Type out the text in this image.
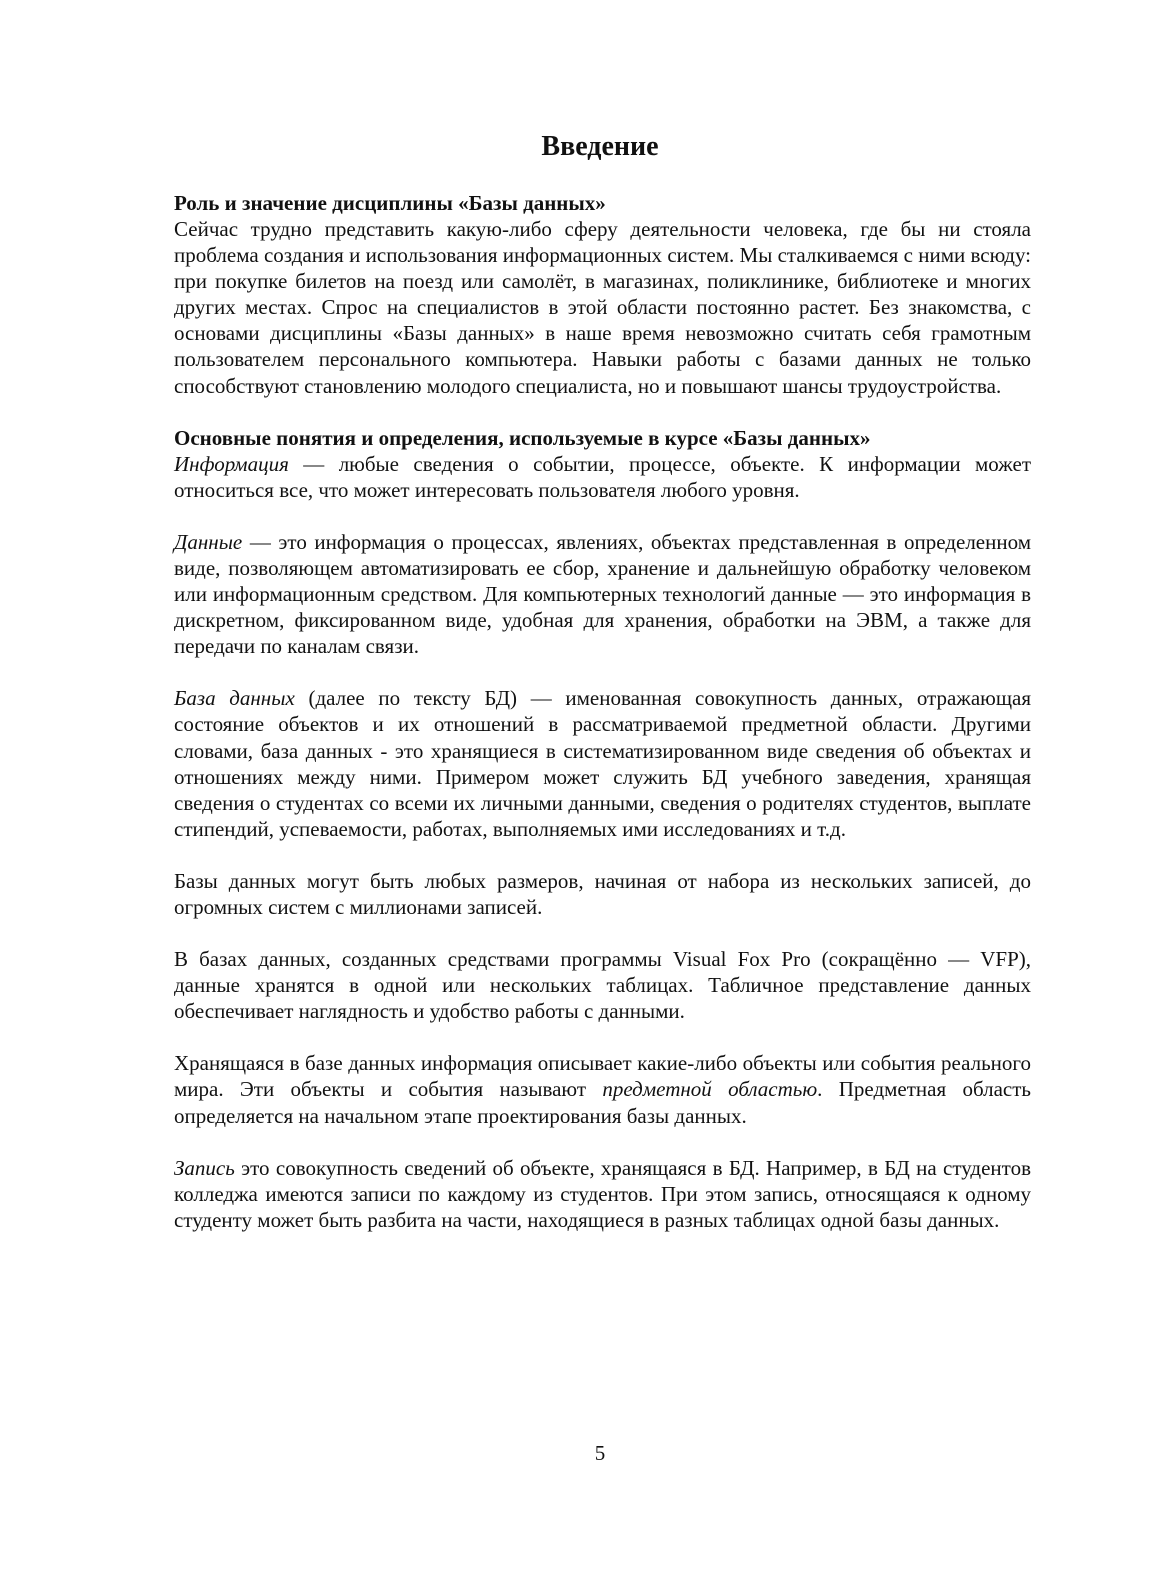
Введение
Роль и значение дисциплины «Базы данных»

Сейчас трудно представить какую-либо сферу деятельности человека, где бы ни стояла проблема создания и использования информационных систем. Мы сталкиваемся с ними всюду: при покупке билетов на поезд или самолёт, в магазинах, поликлинике, библиотеке и многих других местах. Спрос на специалистов в этой области постоянно растет. Без знакомства, с основами дисциплины «Базы данных» в наше время невозможно считать себя грамотным пользователем персонального компьютера. Навыки работы с базами данных не только способствуют становлению молодого специалиста, но и повышают шансы трудоустройства.

Основные понятия и определения, используемые в курсе «Базы данных»

Информация — любые сведения о событии, процессе, объекте. К информации может относиться все, что может интересовать пользователя любого уровня.

Данные — это информация о процессах, явлениях, объектах представленная в определенном виде, позволяющем автоматизировать ее сбор, хранение и дальнейшую обработку человеком или информационным средством. Для компьютерных технологий данные — это информация в дискретном, фиксированном виде, удобная для хранения, обработки на ЭВМ, а также для передачи по каналам связи.

База данных (далее по тексту БД) — именованная совокупность данных, отражающая состояние объектов и их отношений в рассматриваемой предметной области. Другими словами, база данных - это хранящиеся в систематизированном виде сведения об объектах и отношениях между ними. Примером может служить БД учебного заведения, хранящая сведения о студентах со всеми их личными данными, сведения о родителях студентов, выплате стипендий, успеваемости, работах, выполняемых ими исследованиях и т.д.

Базы данных могут быть любых размеров, начиная от набора из нескольких записей, до огромных систем с миллионами записей.

В базах данных, созданных средствами программы Visual Fox Pro (сокращённо — VFP), данные хранятся в одной или нескольких таблицах. Табличное представление данных обеспечивает наглядность и удобство работы с данными.

Хранящаяся в базе данных информация описывает какие-либо объекты или события реального мира. Эти объекты и события называют предметной областью. Предметная область определяется на начальном этапе проектирования базы данных.

Запись это совокупность сведений об объекте, хранящаяся в БД. Например, в БД на студентов колледжа имеются записи по каждому из студентов. При этом запись, относящаяся к одному студенту может быть разбита на части, находящиеся в разных таблицах одной базы данных.

5
